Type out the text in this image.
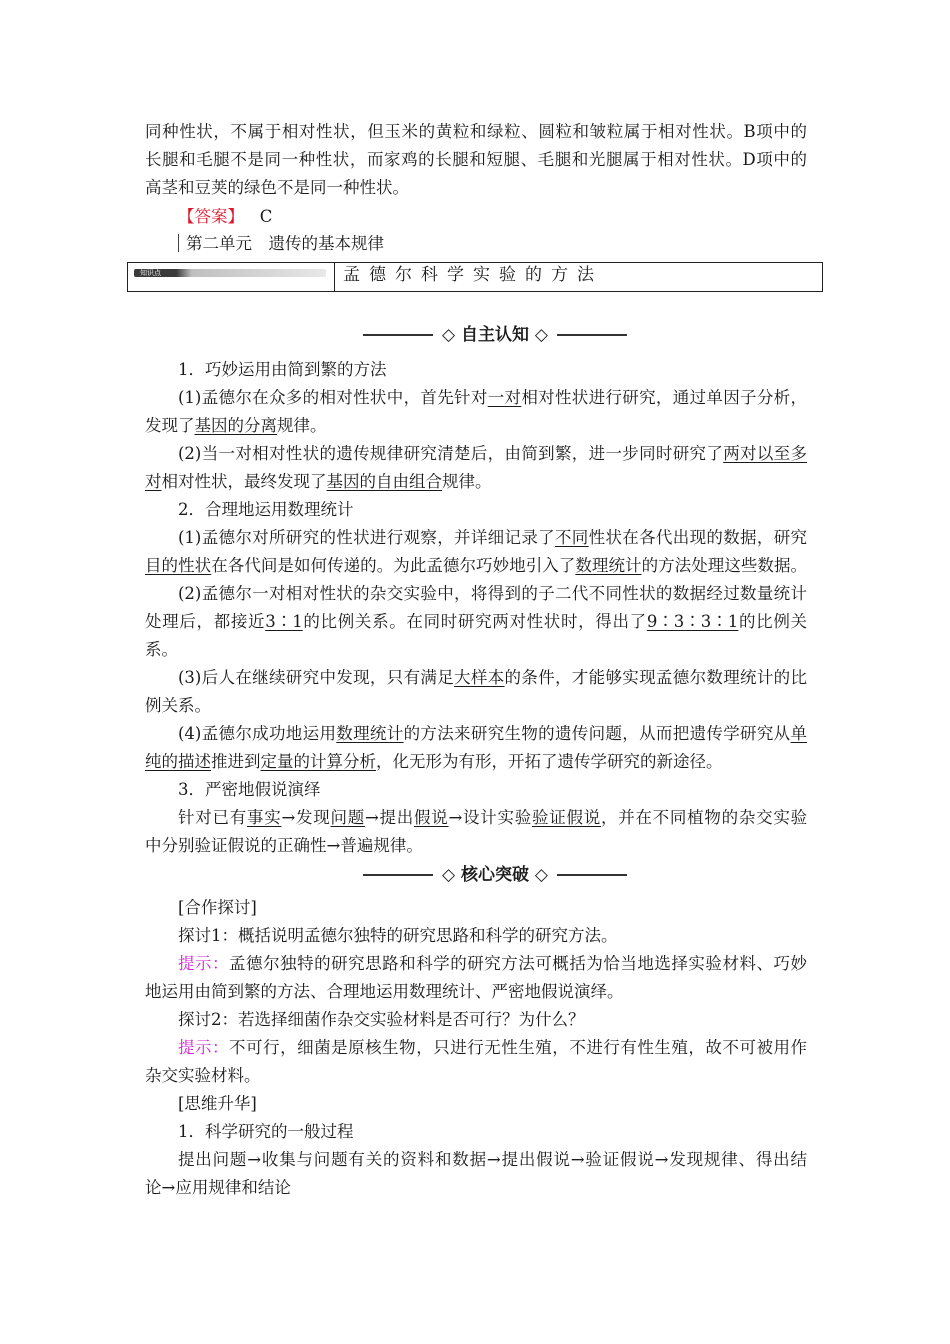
同种性状，不属于相对性状，但玉米的黄粒和绿粒、圆粒和皱粒属于相对性状。B项中的
长腿和毛腿不是同一种性状，而家鸡的长腿和短腿、毛腿和光腿属于相对性状。D项中的
高茎和豆荚的绿色不是同一种性状。
【答案】 C
第二单元　遗传的基本规律
知识点	孟德尔科学实验的方法
◇ 自主认知 ◇
1．巧妙运用由简到繁的方法
(1)孟德尔在众多的相对性状中，首先针对一对相对性状进行研究，通过单因子分析，
发现了基因的分离规律。
(2)当一对相对性状的遗传规律研究清楚后，由简到繁，进一步同时研究了两对以至多
对相对性状，最终发现了基因的自由组合规律。
2．合理地运用数理统计
(1)孟德尔对所研究的性状进行观察，并详细记录了不同性状在各代出现的数据，研究
目的性状在各代间是如何传递的。为此孟德尔巧妙地引入了数理统计的方法处理这些数据。
(2)孟德尔一对相对性状的杂交实验中，将得到的子二代不同性状的数据经过数量统计
处理后，都接近3∶1的比例关系。在同时研究两对性状时，得出了9∶3∶3∶1的比例关
系。
(3)后人在继续研究中发现，只有满足大样本的条件，才能够实现孟德尔数理统计的比
例关系。
(4)孟德尔成功地运用数理统计的方法来研究生物的遗传问题，从而把遗传学研究从单
纯的描述推进到定量的计算分析，化无形为有形，开拓了遗传学研究的新途径。
3．严密地假说演绎
针对已有事实→发现问题→提出假说→设计实验验证假说，并在不同植物的杂交实验
中分别验证假说的正确性→普遍规律。
◇ 核心突破 ◇
[合作探讨]
探讨1：概括说明孟德尔独特的研究思路和科学的研究方法。
提示：孟德尔独特的研究思路和科学的研究方法可概括为恰当地选择实验材料、巧妙
地运用由简到繁的方法、合理地运用数理统计、严密地假说演绎。
探讨2：若选择细菌作杂交实验材料是否可行？为什么？
提示：不可行，细菌是原核生物，只进行无性生殖，不进行有性生殖，故不可被用作
杂交实验材料。
[思维升华]
1．科学研究的一般过程
提出问题→收集与问题有关的资料和数据→提出假说→验证假说→发现规律、得出结
论→应用规律和结论
